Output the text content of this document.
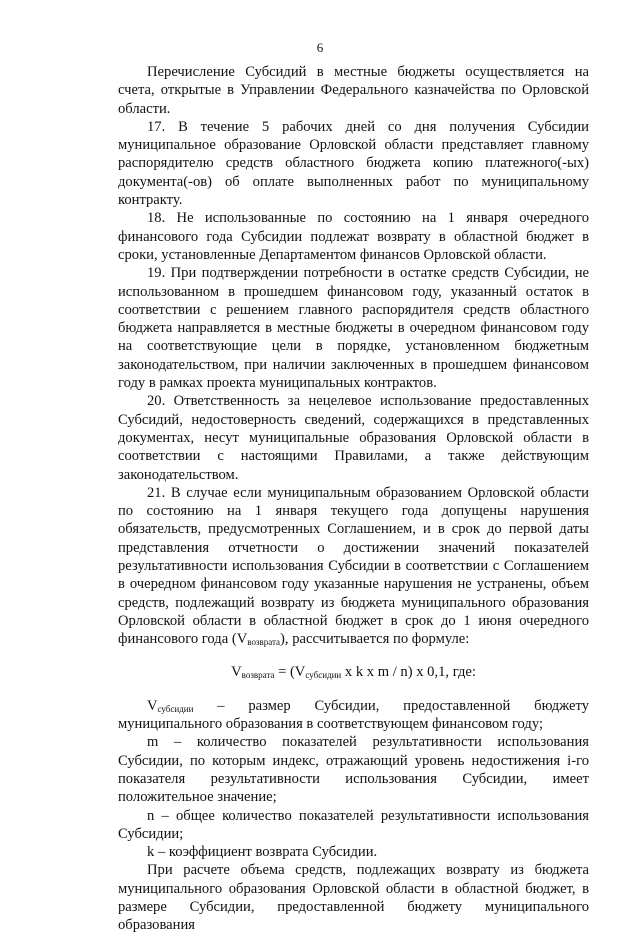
6

Перечисление Субсидий в местные бюджеты осуществляется на счета, открытые в Управлении Федерального казначейства по Орловской области.

17. В течение 5 рабочих дней со дня получения Субсидии муниципальное образование Орловской области представляет главному распорядителю средств областного бюджета копию платежного(-ых) документа(-ов) об оплате выполненных работ по муниципальному контракту.

18. Не использованные по состоянию на 1 января очередного финансового года Субсидии подлежат возврату в областной бюджет в сроки, установленные Департаментом финансов Орловской области.

19. При подтверждении потребности в остатке средств Субсидии, не использованном в прошедшем финансовом году, указанный остаток в соответствии с решением главного распорядителя средств областного бюджета направляется в местные бюджеты в очередном финансовом году на соответствующие цели в порядке, установленном бюджетным законодательством, при наличии заключенных в прошедшем финансовом году в рамках проекта муниципальных контрактов.

20. Ответственность за нецелевое использование предоставленных Субсидий, недостоверность сведений, содержащихся в представленных документах, несут муниципальные образования Орловской области в соответствии с настоящими Правилами, а также действующим законодательством.

21. В случае если муниципальным образованием Орловской области по состоянию на 1 января текущего года допущены нарушения обязательств, предусмотренных Соглашением, и в срок до первой даты представления отчетности о достижении значений показателей результативности использования Субсидии в соответствии с Соглашением в очередном финансовом году указанные нарушения не устранены, объем средств, подлежащий возврату из бюджета муниципального образования Орловской области в областной бюджет в срок до 1 июня очередного финансового года $(V_{возврата})$, рассчитывается по формуле:

$V_{возврата} = (V_{субсидии}$ x k x m / n) x 0,1, где:

$V_{субсидии}$ – размер Субсидии, предоставленной бюджету муниципального образования в соответствующем финансовом году;

m – количество показателей результативности использования Субсидии, по которым индекс, отражающий уровень недостижения i-го показателя результативности использования Субсидии, имеет положительное значение;

n – общее количество показателей результативности использования Субсидии;

k – коэффициент возврата Субсидии.

При расчете объема средств, подлежащих возврату из бюджета муниципального образования Орловской области в областной бюджет, в размере Субсидии, предоставленной бюджету муниципального образования
